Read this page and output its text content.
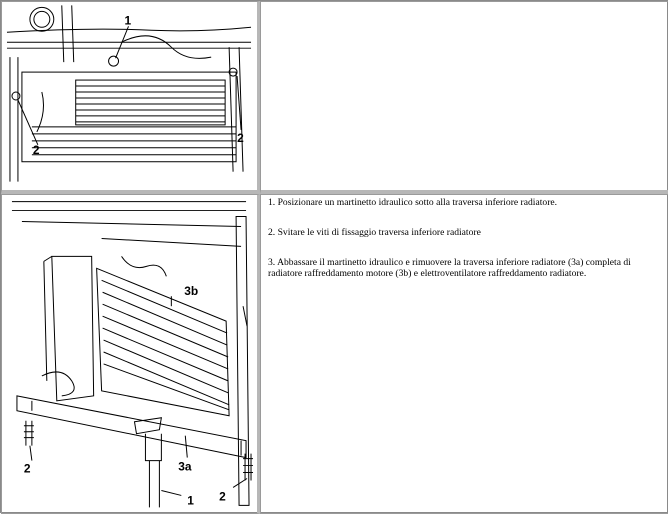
1
2
2
3b
3a
2
2
1

1. Posizionare un martinetto idraulico sotto alla traversa inferiore radiatore.

2. Svitare le viti di fissaggio traversa inferiore radiatore

3. Abbassare il martinetto idraulico e rimuovere la traversa inferiore radiatore (3a) completa di radiatore raffreddamento motore (3b) e elettroventilatore raffreddamento radiatore.
